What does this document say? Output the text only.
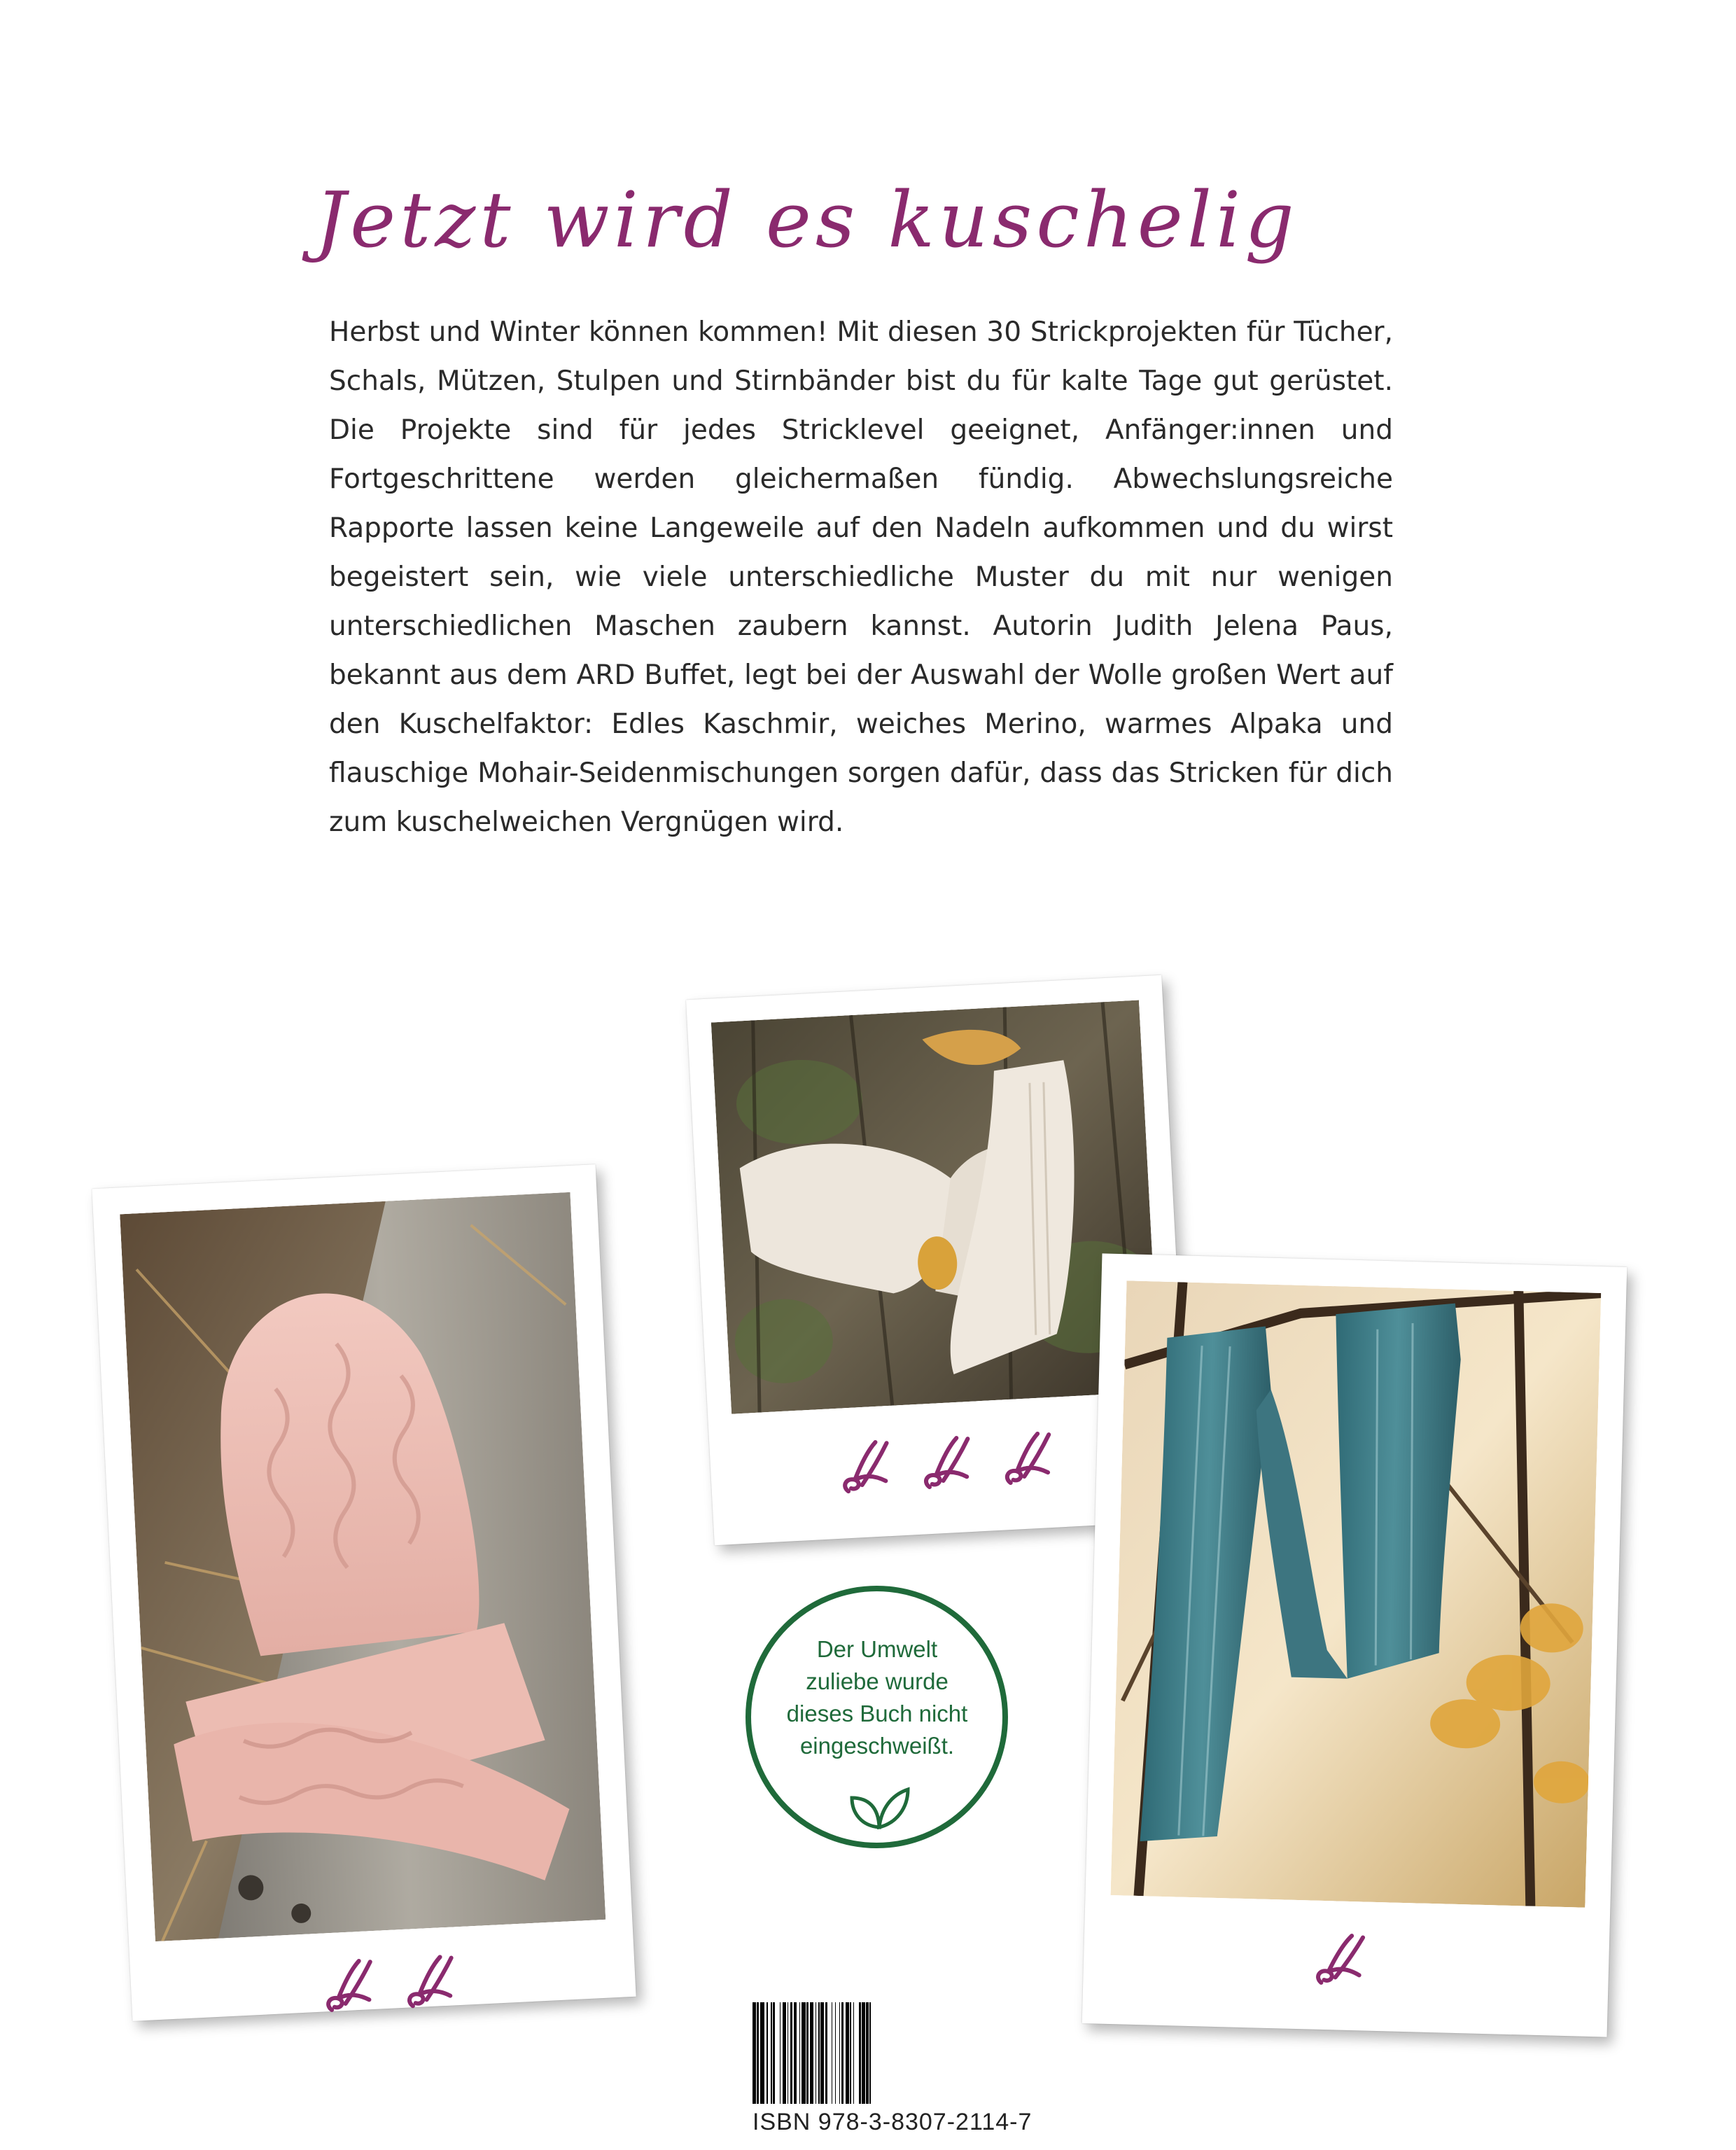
Jetzt wird es kuschelig
Herbst und Winter können kommen! Mit diesen 30 Strickprojekten für Tücher, Schals, Mützen, Stulpen und Stirnbänder bist du für kalte Tage gut gerüstet. Die Projekte sind für jedes Stricklevel geeignet, Anfänger:innen und Fortgeschrittene werden gleichermaßen fündig. Abwechslungsreiche Rapporte lassen keine Langeweile auf den Nadeln aufkommen und du wirst begeistert sein, wie viele unterschiedliche Muster du mit nur wenigen unterschiedlichen Maschen zaubern kannst. Autorin Judith Jelena Paus, bekannt aus dem ARD Buffet, legt bei der Auswahl der Wolle großen Wert auf den Kuschelfaktor: Edles Kaschmir, weiches Merino, warmes Alpaka und flauschige Mohair-Seidenmischungen sorgen dafür, dass das Stricken für dich zum kuschelweichen Vergnügen wird.
Der Umwelt zuliebe wurde dieses Buch nicht eingeschweißt.
ISBN 978-3-8307-2114-7
